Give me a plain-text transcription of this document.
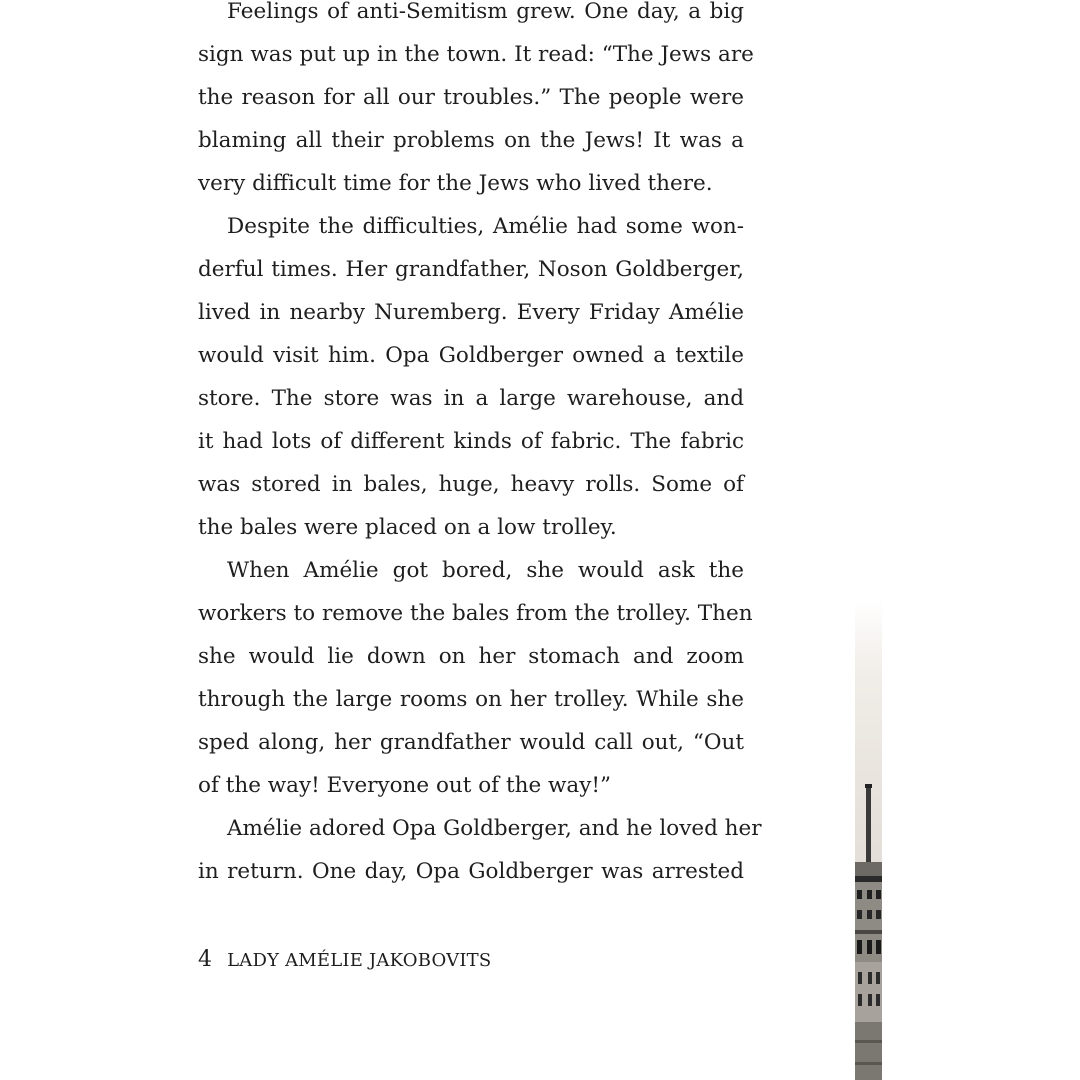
Feelings of anti-Semitism grew. One day, a big
sign was put up in the town. It read: “The Jews are
the reason for all our troubles.” The people were
blaming all their problems on the Jews! It was a
very difficult time for the Jews who lived there.
Despite the difficulties, Amélie had some won-
derful times. Her grandfather, Noson Goldberger,
lived in nearby Nuremberg. Every Friday Amélie
would visit him. Opa Goldberger owned a textile
store. The store was in a large warehouse, and
it had lots of different kinds of fabric. The fabric
was stored in bales, huge, heavy rolls. Some of
the bales were placed on a low trolley.
When Amélie got bored, she would ask the
workers to remove the bales from the trolley. Then
she would lie down on her stomach and zoom
through the large rooms on her trolley. While she
sped along, her grandfather would call out, “Out
of the way! Everyone out of the way!”
Amélie adored Opa Goldberger, and he loved her
in return. One day, Opa Goldberger was arrested
4 LADY AMÉLIE JAKOBOVITS
